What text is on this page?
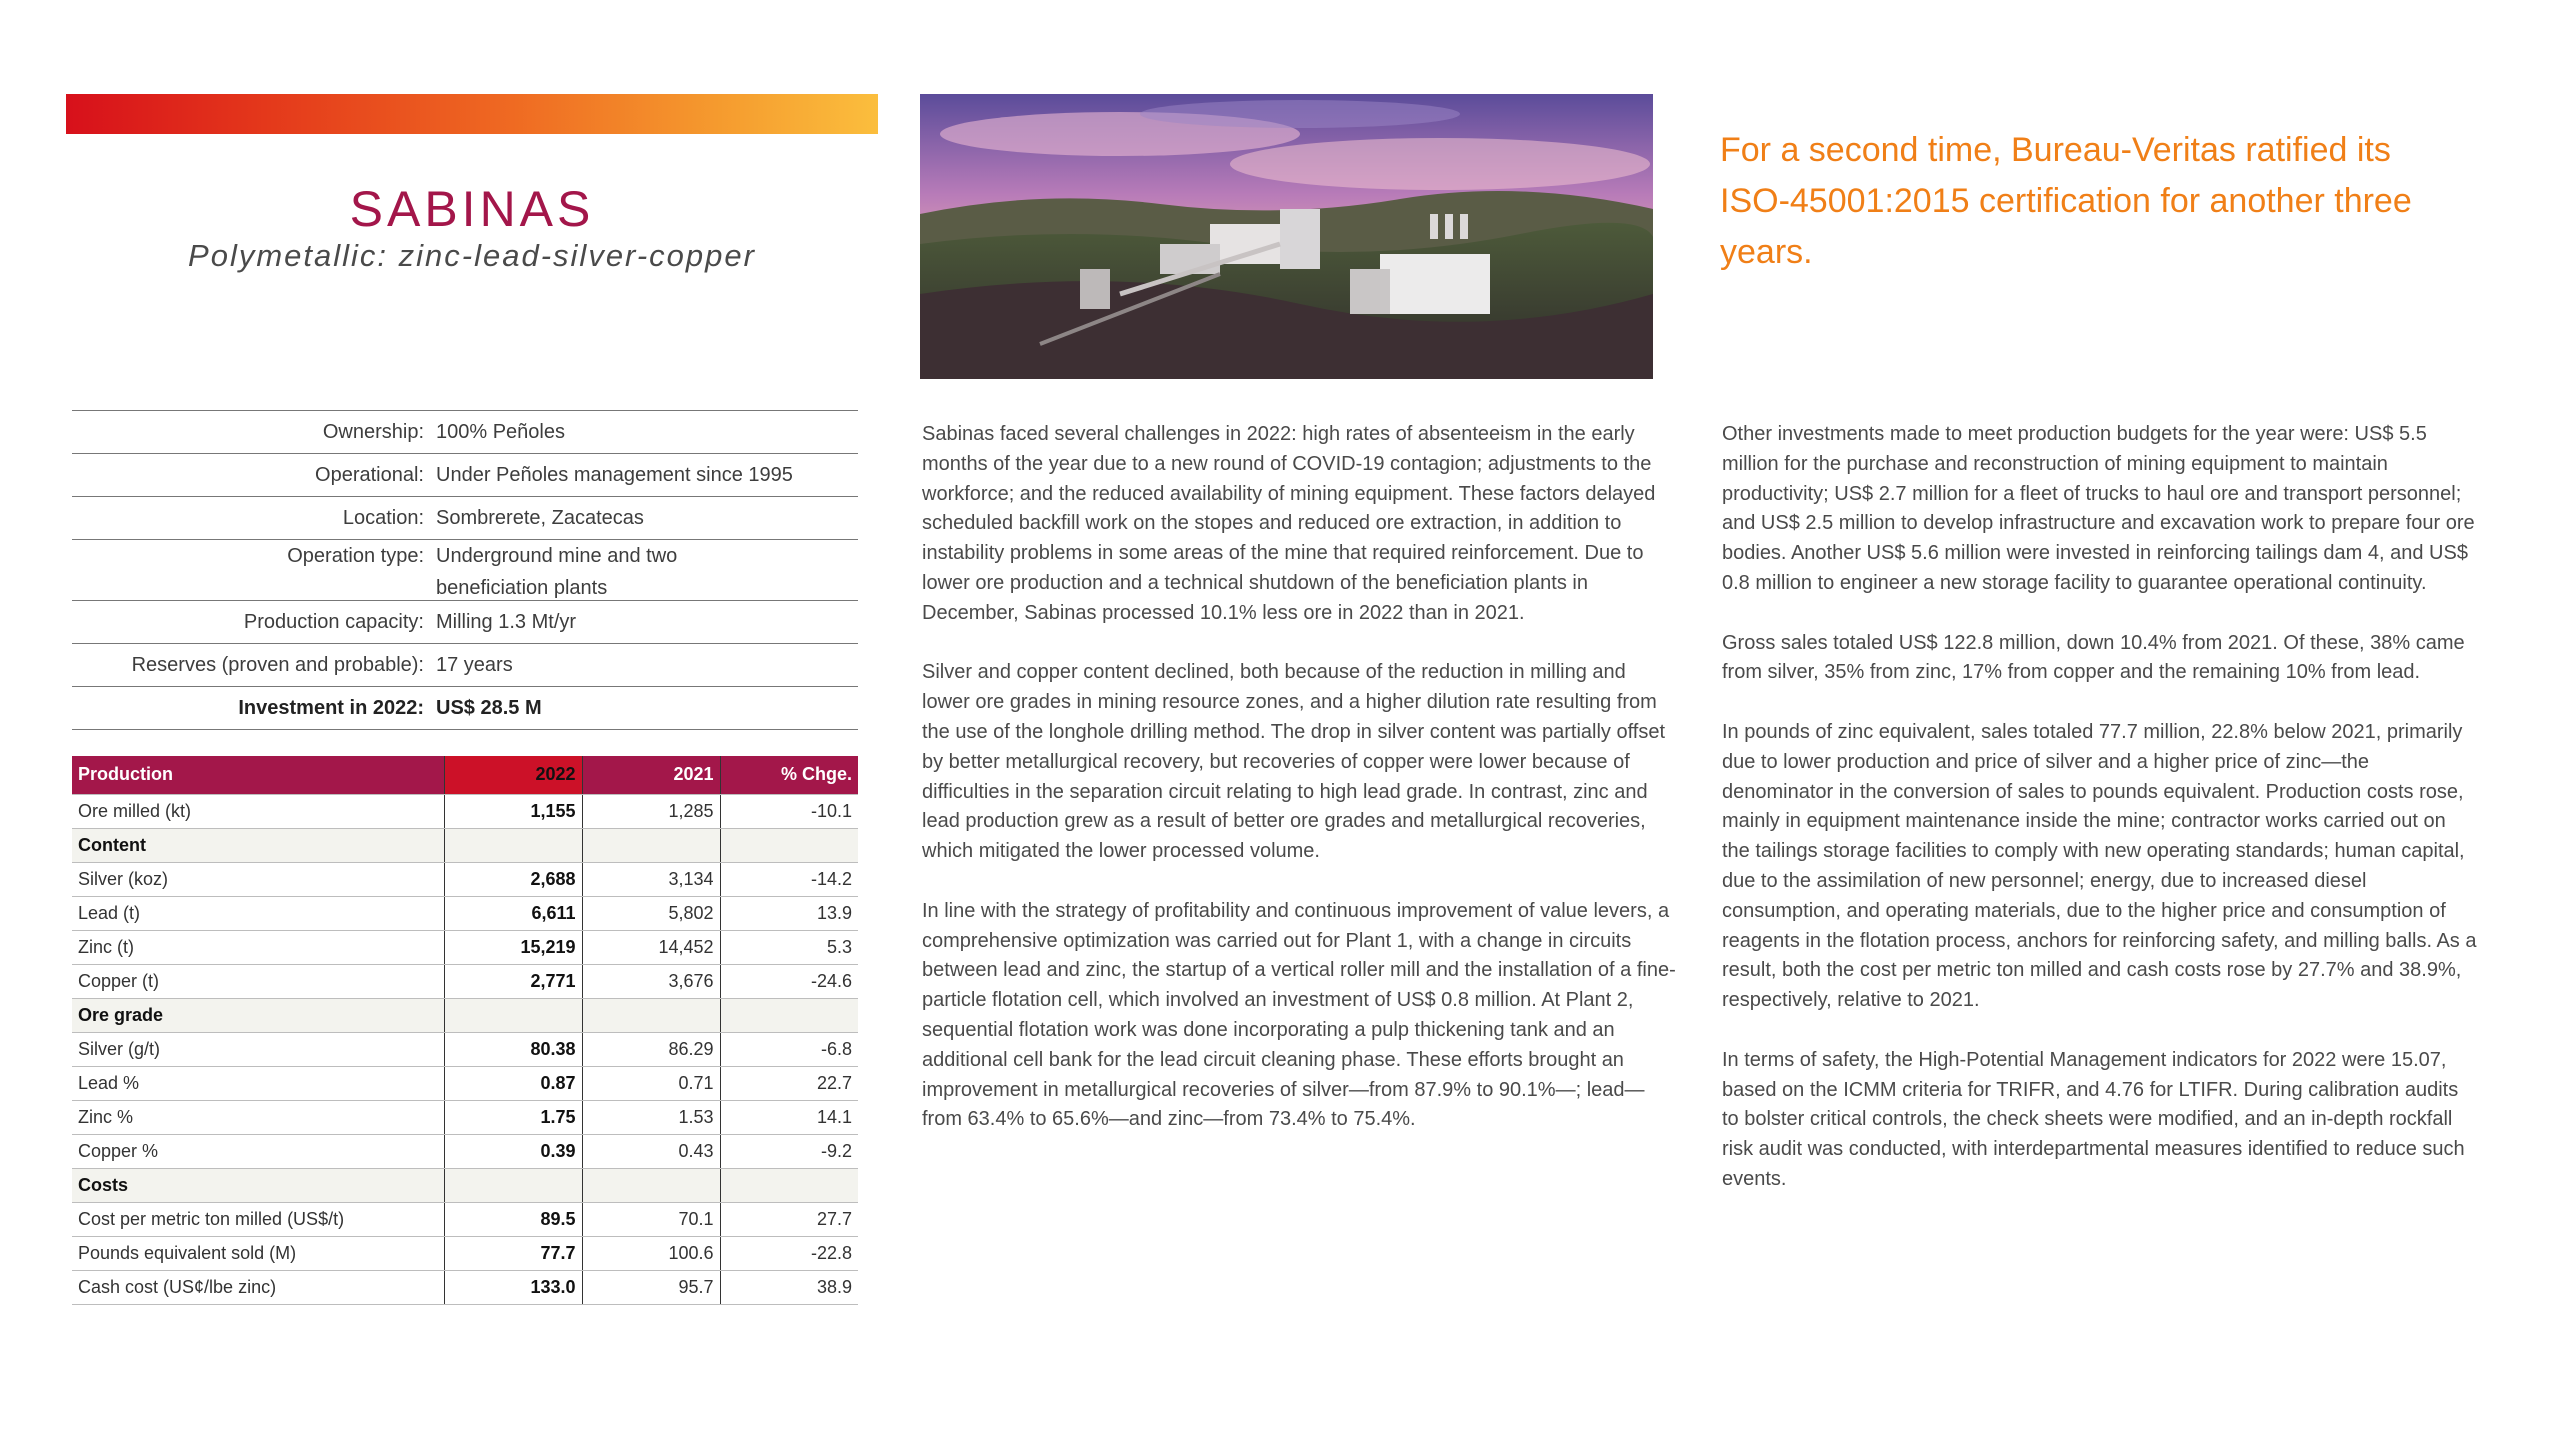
SABINAS
Polymetallic: zinc-lead-silver-copper
For a second time, Bureau-Veritas ratified its ISO-45001:2015 certification for another three years.
Ownership: 100% Peñoles
Operational: Under Peñoles management since 1995
Location: Sombrerete, Zacatecas
Operation type: Underground mine and two beneficiation plants
Production capacity: Milling 1.3 Mt/yr
Reserves (proven and probable): 17 years
Investment in 2022: US$ 28.5 M
Production	2022	2021	% Chge.
Ore milled (kt)	1,155	1,285	-10.1
Content			
Silver (koz)	2,688	3,134	-14.2
Lead (t)	6,611	5,802	13.9
Zinc (t)	15,219	14,452	5.3
Copper (t)	2,771	3,676	-24.6
Ore grade			
Silver (g/t)	80.38	86.29	-6.8
Lead %	0.87	0.71	22.7
Zinc %	1.75	1.53	14.1
Copper %	0.39	0.43	-9.2
Costs			
Cost per metric ton milled (US$/t)	89.5	70.1	27.7
Pounds equivalent sold (M)	77.7	100.6	-22.8
Cash cost (US¢/lbe zinc)	133.0	95.7	38.9

Sabinas faced several challenges in 2022: high rates of absenteeism in the early months of the year due to a new round of COVID-19 contagion; adjustments to the workforce; and the reduced availability of mining equipment. These factors delayed scheduled backfill work on the stopes and reduced ore extraction, in addition to instability problems in some areas of the mine that required reinforcement. Due to lower ore production and a technical shutdown of the beneficiation plants in December, Sabinas processed 10.1% less ore in 2022 than in 2021.

Silver and copper content declined, both because of the reduction in milling and lower ore grades in mining resource zones, and a higher dilution rate resulting from the use of the longhole drilling method. The drop in silver content was partially offset by better metallurgical recovery, but recoveries of copper were lower because of difficulties in the separation circuit relating to high lead grade. In contrast, zinc and lead production grew as a result of better ore grades and metallurgical recoveries, which mitigated the lower processed volume.

In line with the strategy of profitability and continuous improvement of value levers, a comprehensive optimization was carried out for Plant 1, with a change in circuits between lead and zinc, the startup of a vertical roller mill and the installation of a fine-particle flotation cell, which involved an investment of US$ 0.8 million. At Plant 2, sequential flotation work was done incorporating a pulp thickening tank and an additional cell bank for the lead circuit cleaning phase. These efforts brought an improvement in metallurgical recoveries of silver—from 87.9% to 90.1%—; lead—from 63.4% to 65.6%—and zinc—from 73.4% to 75.4%.

Other investments made to meet production budgets for the year were: US$ 5.5 million for the purchase and reconstruction of mining equipment to maintain productivity; US$ 2.7 million for a fleet of trucks to haul ore and transport personnel; and US$ 2.5 million to develop infrastructure and excavation work to prepare four ore bodies. Another US$ 5.6 million were invested in reinforcing tailings dam 4, and US$ 0.8 million to engineer a new storage facility to guarantee operational continuity.

Gross sales totaled US$ 122.8 million, down 10.4% from 2021. Of these, 38% came from silver, 35% from zinc, 17% from copper and the remaining 10% from lead.

In pounds of zinc equivalent, sales totaled 77.7 million, 22.8% below 2021, primarily due to lower production and price of silver and a higher price of zinc—the denominator in the conversion of sales to pounds equivalent. Production costs rose, mainly in equipment maintenance inside the mine; contractor works carried out on the tailings storage facilities to comply with new operating standards; human capital, due to the assimilation of new personnel; energy, due to increased diesel consumption, and operating materials, due to the higher price and consumption of reagents in the flotation process, anchors for reinforcing safety, and milling balls. As a result, both the cost per metric ton milled and cash costs rose by 27.7% and 38.9%, respectively, relative to 2021.

In terms of safety, the High-Potential Management indicators for 2022 were 15.07, based on the ICMM criteria for TRIFR, and 4.76 for LTIFR. During calibration audits to bolster critical controls, the check sheets were modified, and an in-depth rockfall risk audit was conducted, with interdepartmental measures identified to reduce such events.
